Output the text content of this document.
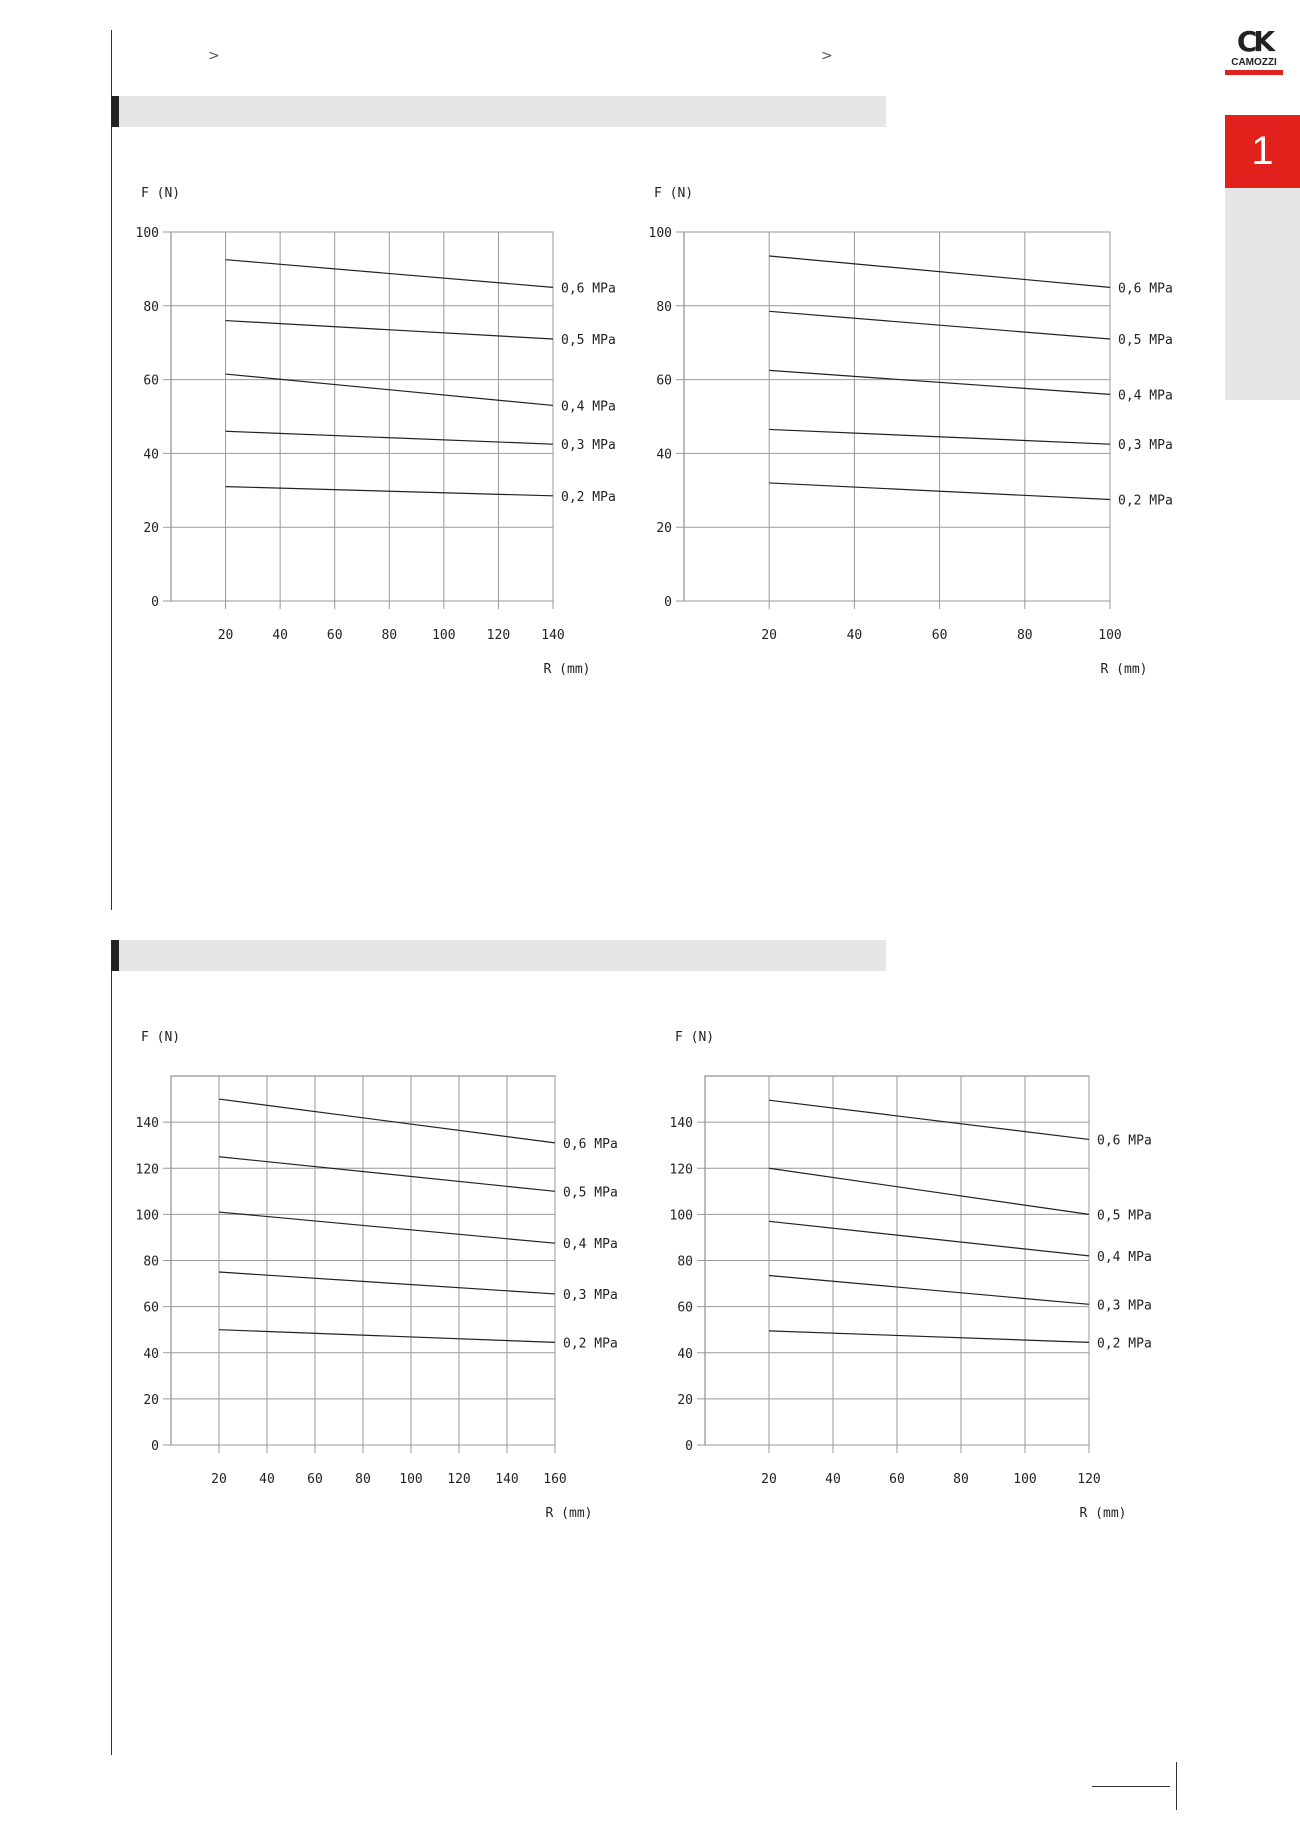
>	>	CK
CAMOZZI
1
20	40	60	80	100 120 140
0
20
40
60
80
100
F (N)
R (mm)
0,6 MPa
0,5 MPa
0,4 MPa
0,3 MPa
0,2 MPa
20	40	60	80	100
0
20
40
60
80
100
F (N)
R (mm)
0,6 MPa
0,5 MPa
0,4 MPa
0,3 MPa
0,2 MPa
20 40 60 80 100 120 140 160
0
20
40
60
80
100
120
140
F (N)
R (mm)
0,6 MPa
0,5 MPa
0,4 MPa
0,3 MPa
0,2 MPa
20	40	60	80	100	120
0
20
40
60
80
100
120
140
F (N)
R (mm)
0,6 MPa
0,5 MPa
0,4 MPa
0,3 MPa
0,2 MPa
